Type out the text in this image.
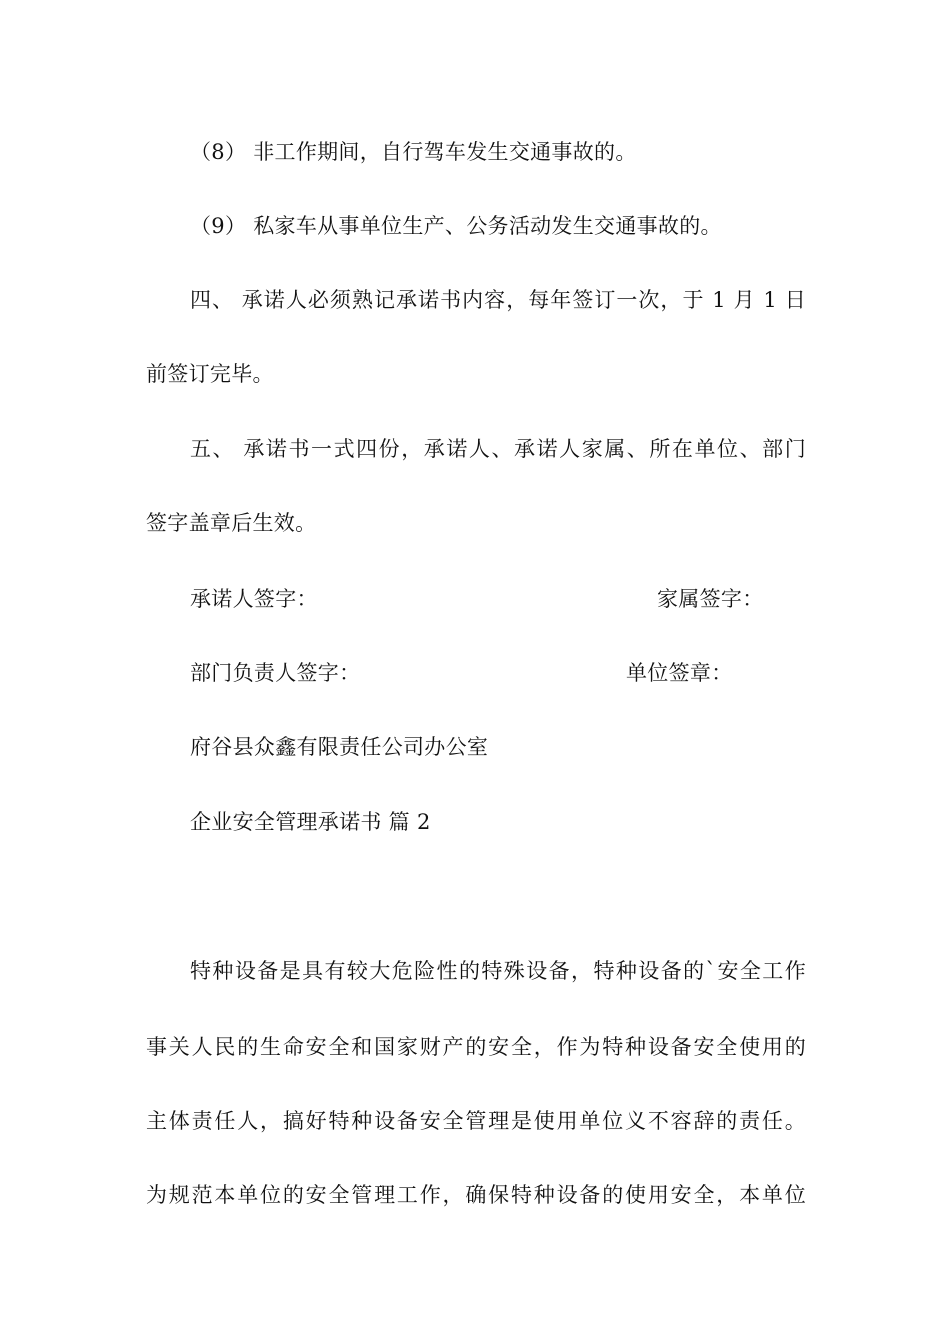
（8） 非工作期间，自行驾车发生交通事故的。
（9） 私家车从事单位生产、公务活动发生交通事故的。
四、 承诺人必须熟记承诺书内容，每年签订一次，于 1 月 1 日
前签订完毕。
五、 承诺书一式四份，承诺人、承诺人家属、所在单位、部门
签字盖章后生效。
承诺人签字：	家属签字：
部门负责人签字：	单位签章：
府谷县众鑫有限责任公司办公室
企业安全管理承诺书 篇 2
特种设备是具有较大危险性的特殊设备，特种设备的`安全工作
事关人民的生命安全和国家财产的安全，作为特种设备安全使用的
主体责任人，搞好特种设备安全管理是使用单位义不容辞的责任。
为规范本单位的安全管理工作，确保特种设备的使用安全，本单位
